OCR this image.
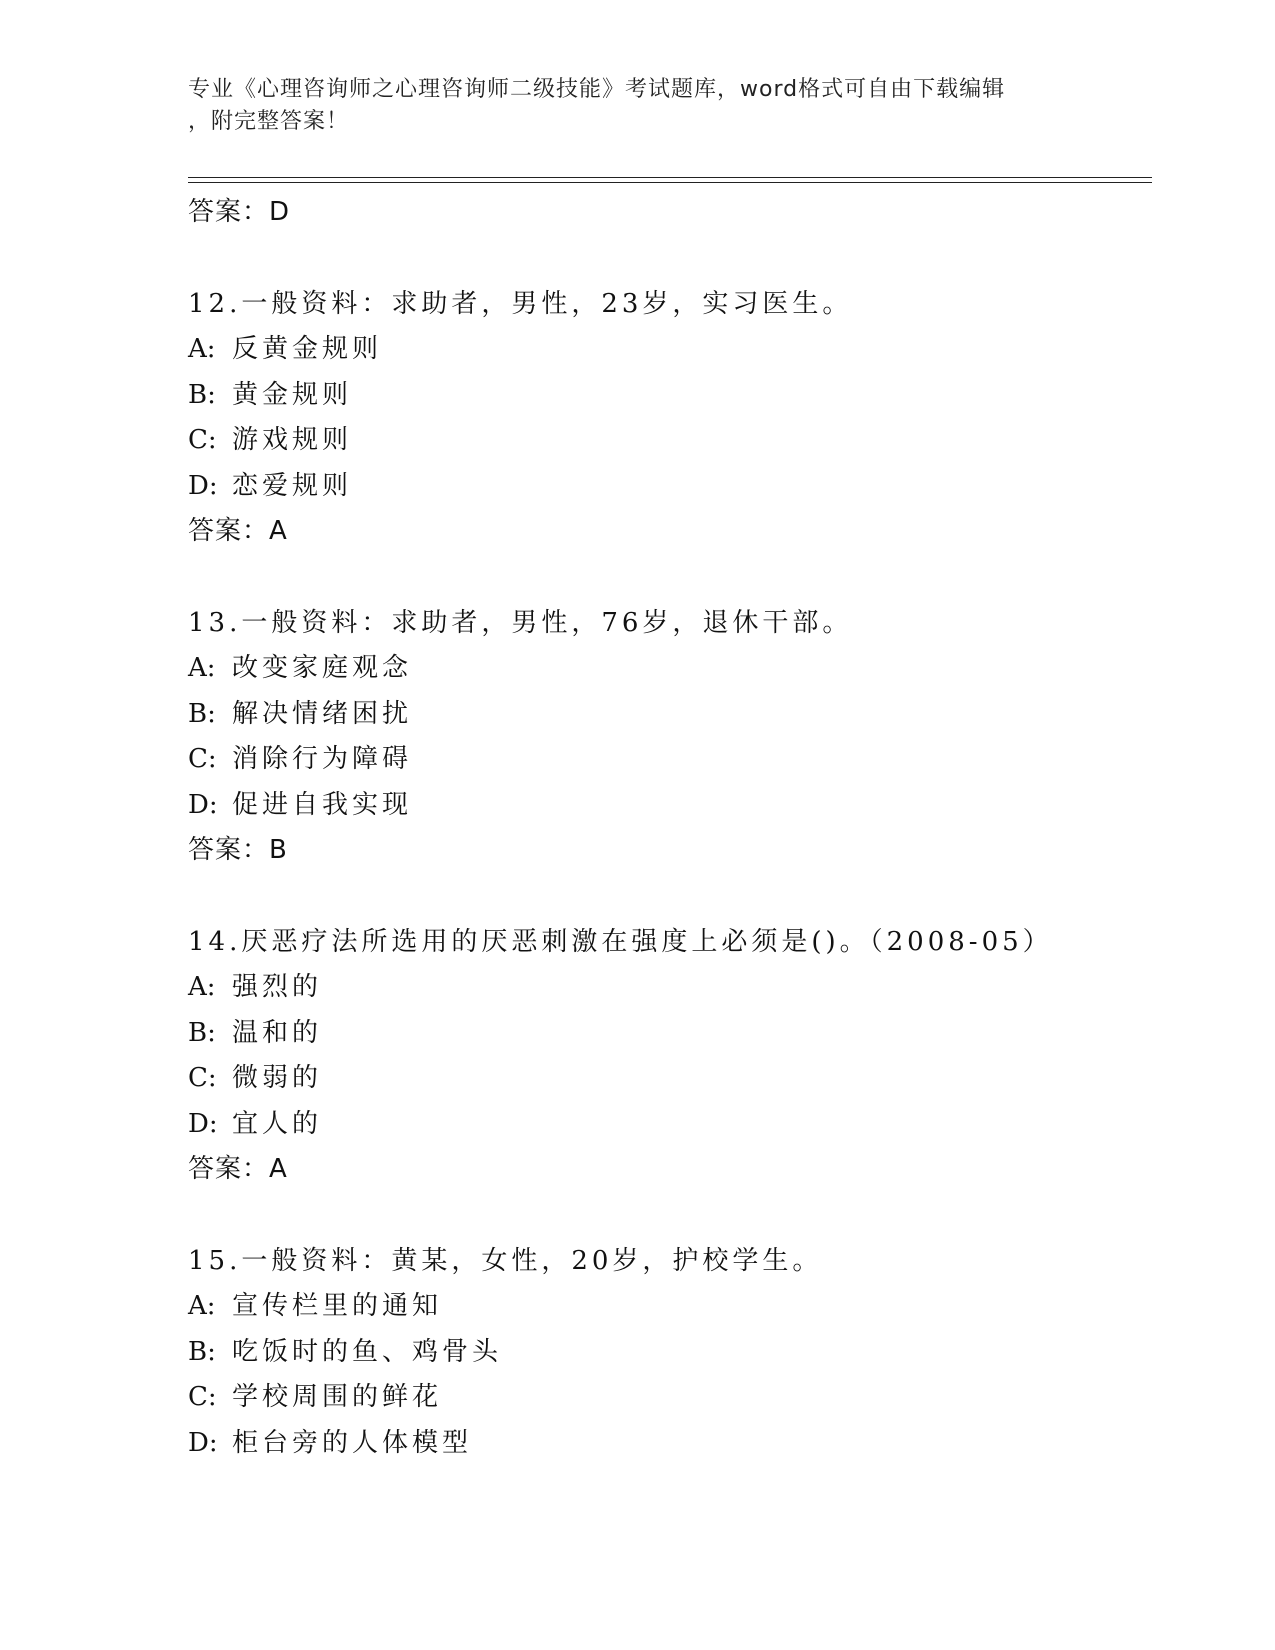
专业《心理咨询师之心理咨询师二级技能》考试题库，word格式可自由下载编辑
，附完整答案！
答案：D
12.一般资料：求助者，男性，23岁，实习医生。
A: 反黄金规则
B: 黄金规则
C: 游戏规则
D: 恋爱规则
答案：A
13.一般资料：求助者，男性，76岁，退休干部。
A: 改变家庭观念
B: 解决情绪困扰
C: 消除行为障碍
D: 促进自我实现
答案：B
14.厌恶疗法所选用的厌恶刺激在强度上必须是()。（2008-05）
A: 强烈的
B: 温和的
C: 微弱的
D: 宜人的
答案：A
15.一般资料：黄某，女性，20岁，护校学生。
A: 宣传栏里的通知
B: 吃饭时的鱼、鸡骨头
C: 学校周围的鲜花
D: 柜台旁的人体模型
